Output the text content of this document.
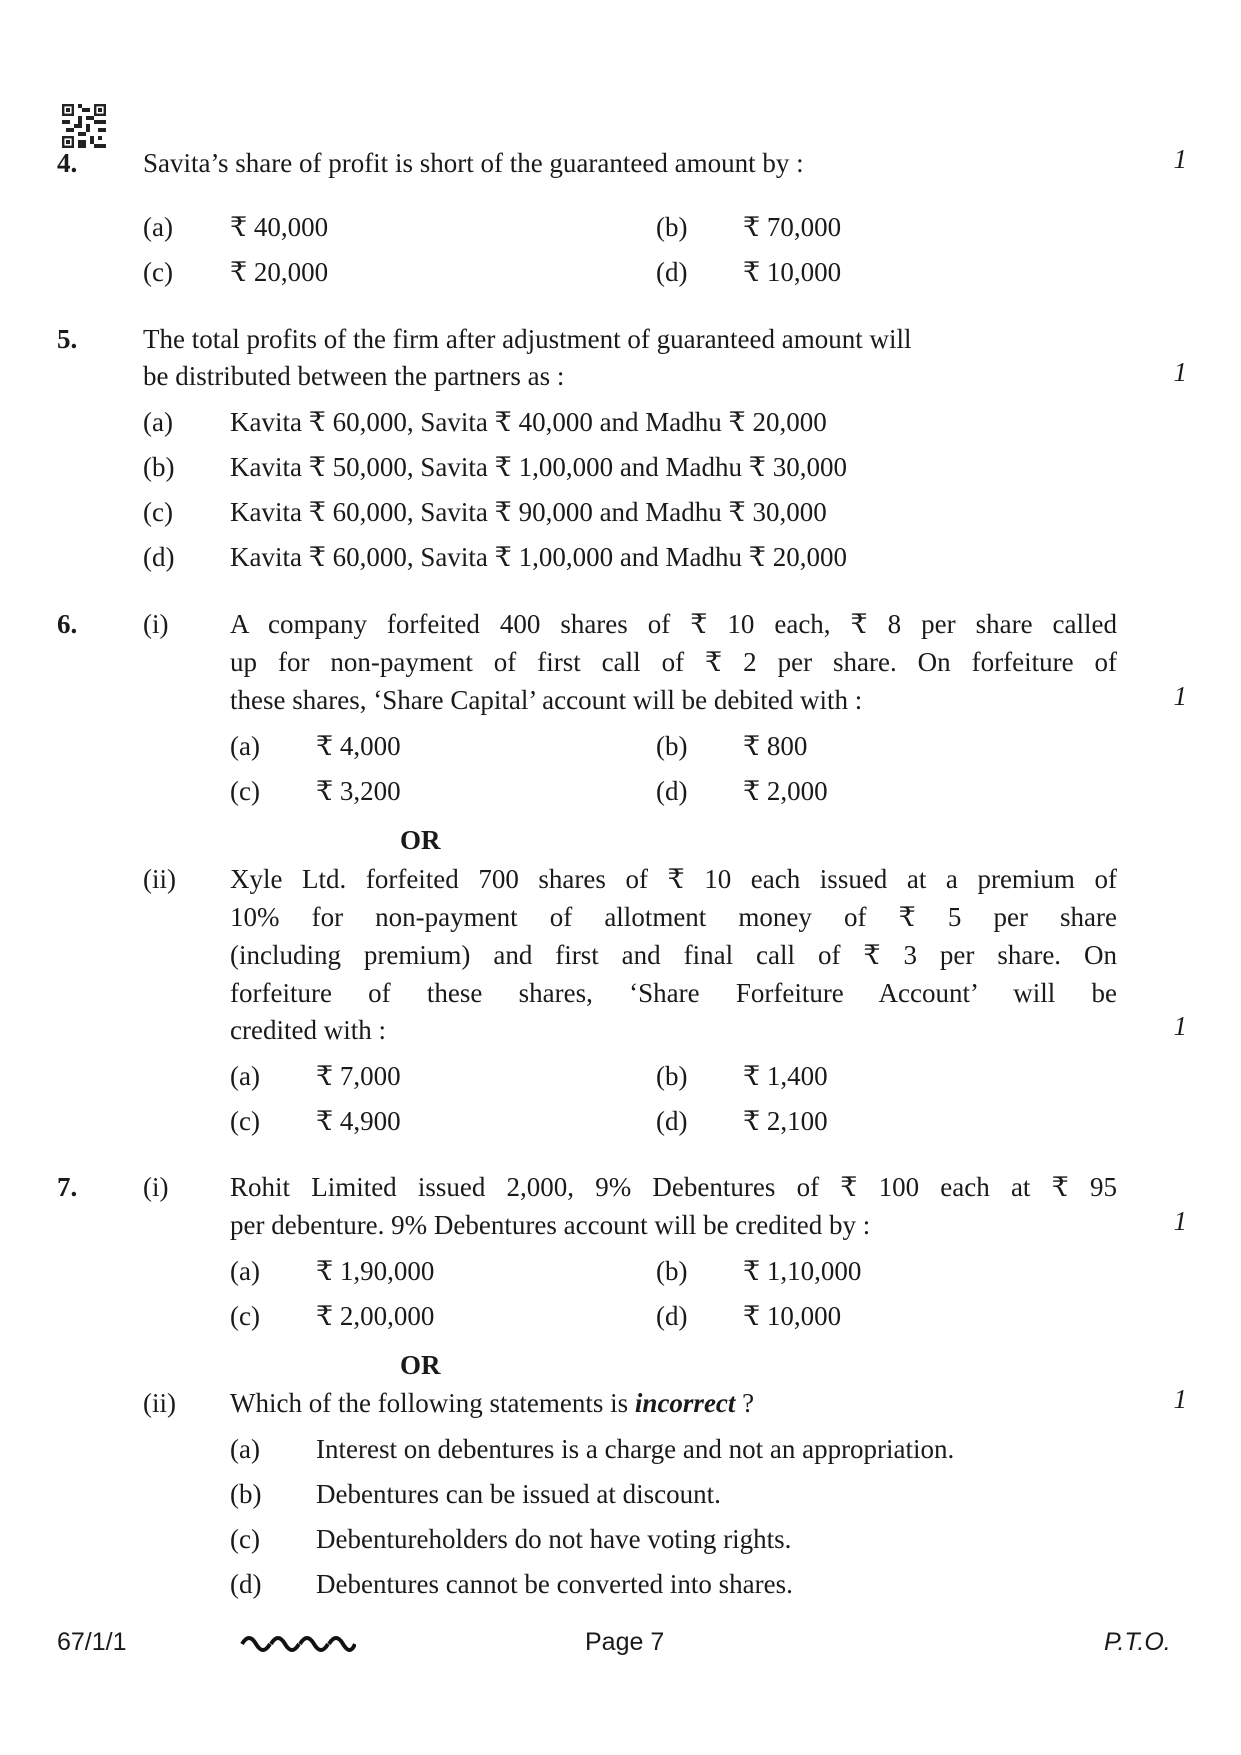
4. Savita’s share of profit is short of the guaranteed amount by :	1
(a) ₹ 40,000	(b) ₹ 70,000
(c) ₹ 20,000	(d) ₹ 10,000
5. The total profits of the firm after adjustment of guaranteed amount will
be distributed between the partners as :	1
(a) Kavita ₹ 60,000, Savita ₹ 40,000 and Madhu ₹ 20,000
(b) Kavita ₹ 50,000, Savita ₹ 1,00,000 and Madhu ₹ 30,000
(c) Kavita ₹ 60,000, Savita ₹ 90,000 and Madhu ₹ 30,000
(d) Kavita ₹ 60,000, Savita ₹ 1,00,000 and Madhu ₹ 20,000
6. (i) A company forfeited 400 shares of ₹ 10 each, ₹ 8 per share called
up for non-payment of first call of ₹ 2 per share. On forfeiture of
these shares, ‘Share Capital’ account will be debited with :	1
(a) ₹ 4,000	(b) ₹ 800
(c) ₹ 3,200	(d) ₹ 2,000
OR
(ii) Xyle Ltd. forfeited 700 shares of ₹ 10 each issued at a premium of
10% for non-payment of allotment money of ₹ 5 per share
(including premium) and first and final call of ₹ 3 per share. On
forfeiture of these shares, ‘Share Forfeiture Account’ will be
credited with :	1
(a) ₹ 7,000	(b) ₹ 1,400
(c) ₹ 4,900	(d) ₹ 2,100
7. (i) Rohit Limited issued 2,000, 9% Debentures of ₹ 100 each at ₹ 95
per debenture. 9% Debentures account will be credited by :	1
(a) ₹ 1,90,000	(b) ₹ 1,10,000
(c) ₹ 2,00,000	(d) ₹ 10,000
OR
(ii) Which of the following statements is incorrect ?	1
(a) Interest on debentures is a charge and not an appropriation.
(b) Debentures can be issued at discount.
(c) Debentureholders do not have voting rights.
(d) Debentures cannot be converted into shares.
67/1/1	Page 7	P.T.O.
